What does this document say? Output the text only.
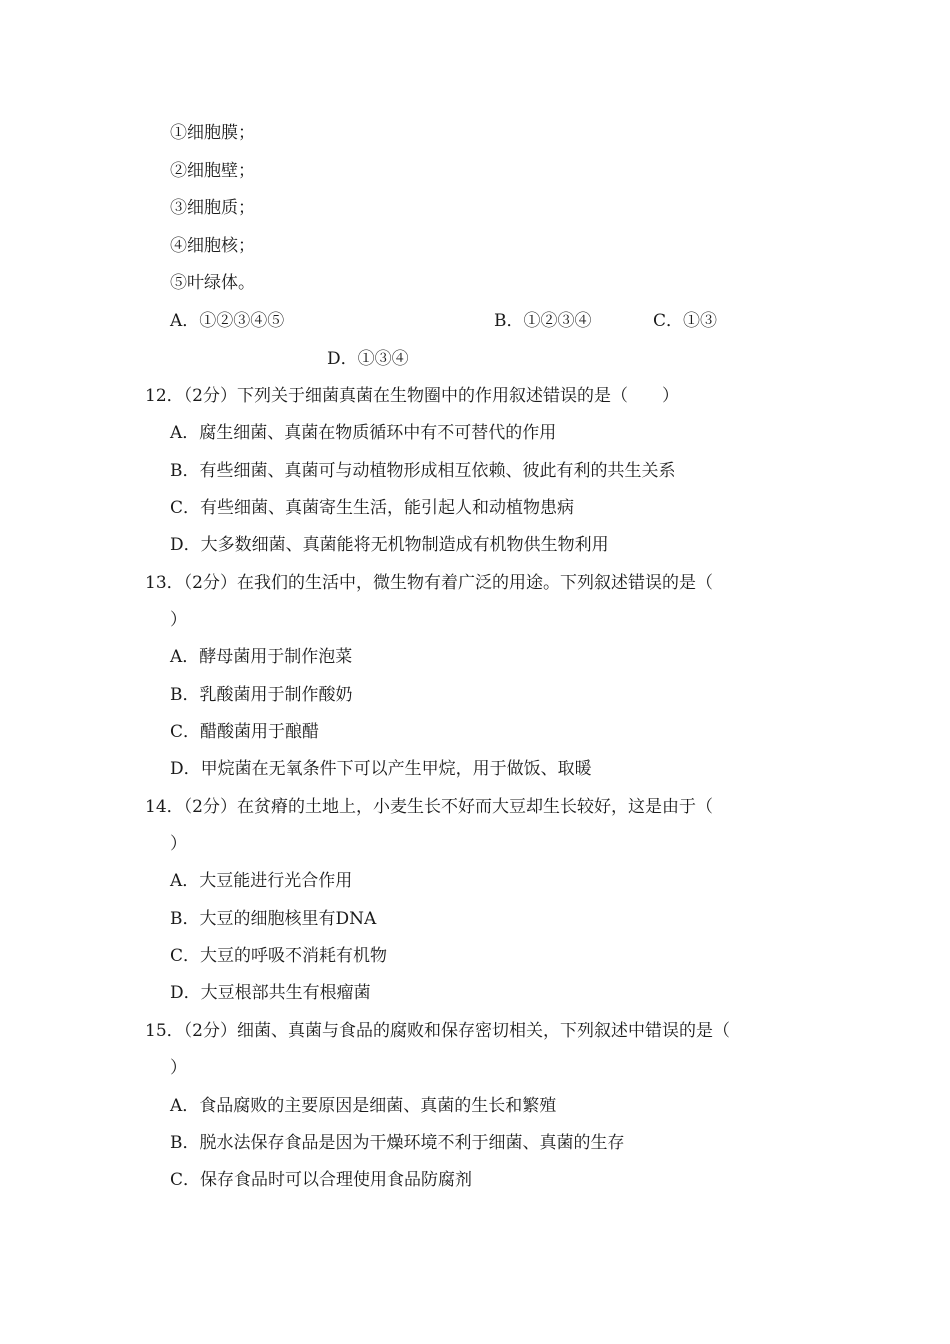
①细胞膜；
②细胞壁；
③细胞质；
④细胞核；
⑤叶绿体。
A．①②③④⑤	B．①②③④	C．①③
D．①③④
12．（2分）下列关于细菌真菌在生物圈中的作用叙述错误的是（　　）
A．腐生细菌、真菌在物质循环中有不可替代的作用
B．有些细菌、真菌可与动植物形成相互依赖、彼此有利的共生关系
C．有些细菌、真菌寄生生活，能引起人和动植物患病
D．大多数细菌、真菌能将无机物制造成有机物供生物利用
13．（2分）在我们的生活中，微生物有着广泛的用途。下列叙述错误的是（
）
A．酵母菌用于制作泡菜
B．乳酸菌用于制作酸奶
C．醋酸菌用于酿醋
D．甲烷菌在无氧条件下可以产生甲烷，用于做饭、取暖
14．（2分）在贫瘠的土地上，小麦生长不好而大豆却生长较好，这是由于（
）
A．大豆能进行光合作用
B．大豆的细胞核里有DNA
C．大豆的呼吸不消耗有机物
D．大豆根部共生有根瘤菌
15．（2分）细菌、真菌与食品的腐败和保存密切相关，下列叙述中错误的是（
）
A．食品腐败的主要原因是细菌、真菌的生长和繁殖
B．脱水法保存食品是因为干燥环境不利于细菌、真菌的生存
C．保存食品时可以合理使用食品防腐剂
